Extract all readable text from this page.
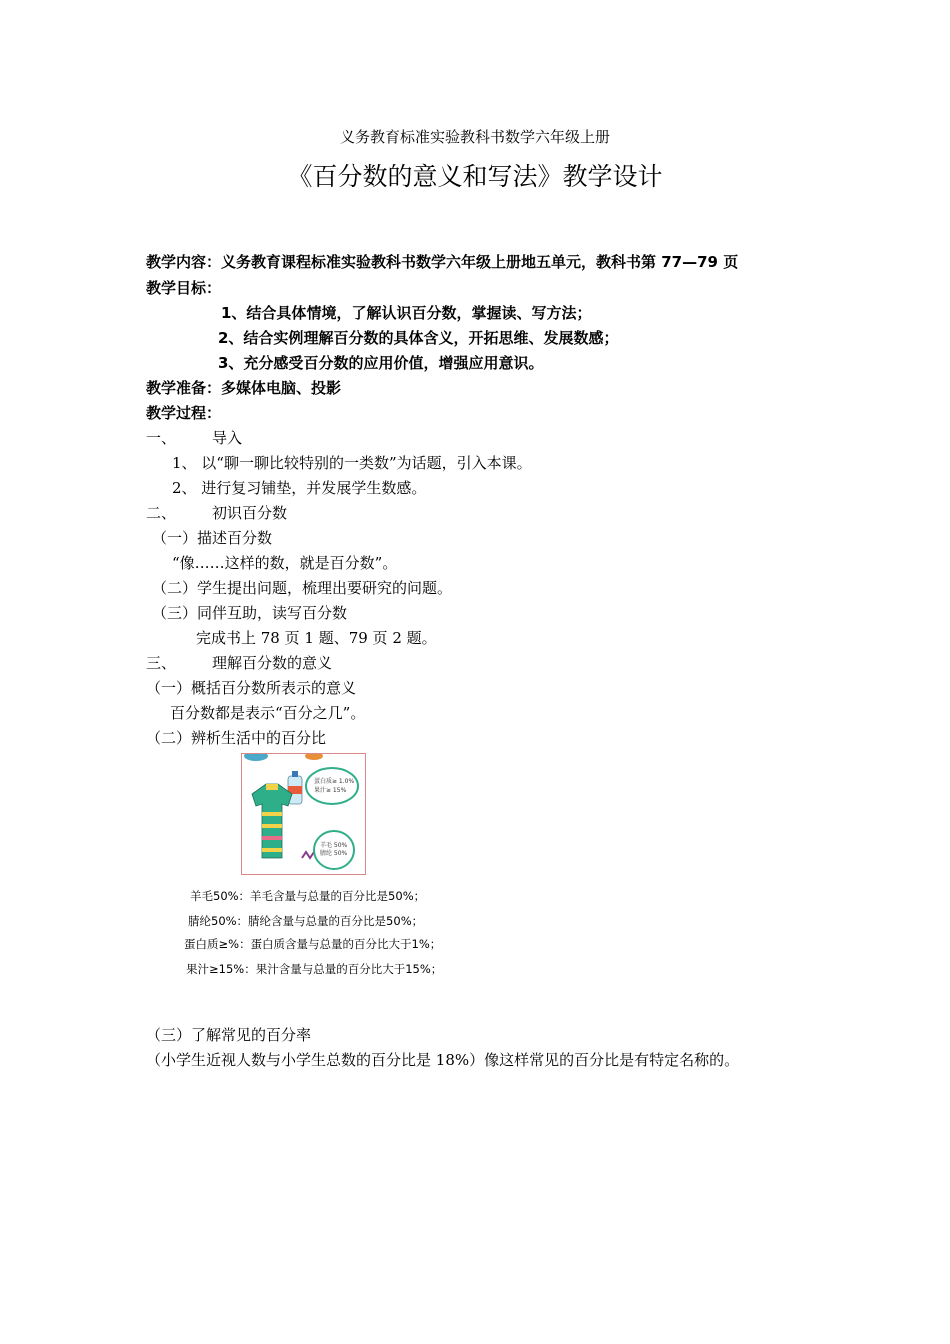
义务教育标准实验教科书数学六年级上册
《百分数的意义和写法》教学设计
教学内容：义务教育课程标准实验教科书数学六年级上册地五单元，教科书第 77—79 页
教学目标：
1、结合具体情境，了解认识百分数，掌握读、写方法；
2、结合实例理解百分数的具体含义，开拓思维、发展数感；
3、充分感受百分数的应用价值，增强应用意识。
教学准备：多媒体电脑、投影
教学过程：
一、 导入
1、 以“聊一聊比较特别的一类数”为话题，引入本课。
2、 进行复习铺垫，并发展学生数感。
二、 初识百分数
（一）描述百分数
“像……这样的数，就是百分数”。
（二）学生提出问题，梳理出要研究的问题。
（三）同伴互助，读写百分数
完成书上 78 页 1 题、79 页 2 题。
三、 理解百分数的意义
（一）概括百分数所表示的意义
百分数都是表示“百分之几”。
（二）辨析生活中的百分比
蛋白质≥ 1.0%
果汁≥ 15%
羊毛 50%
腈纶 50%
羊毛50%：羊毛含量与总量的百分比是50%；
腈纶50%：腈纶含量与总量的百分比是50%；
蛋白质≥%：蛋白质含量与总量的百分比大于1%；
果汁≥15%：果汁含量与总量的百分比大于15%；
（三）了解常见的百分率
（小学生近视人数与小学生总数的百分比是 18%）像这样常见的百分比是有特定名称的。
